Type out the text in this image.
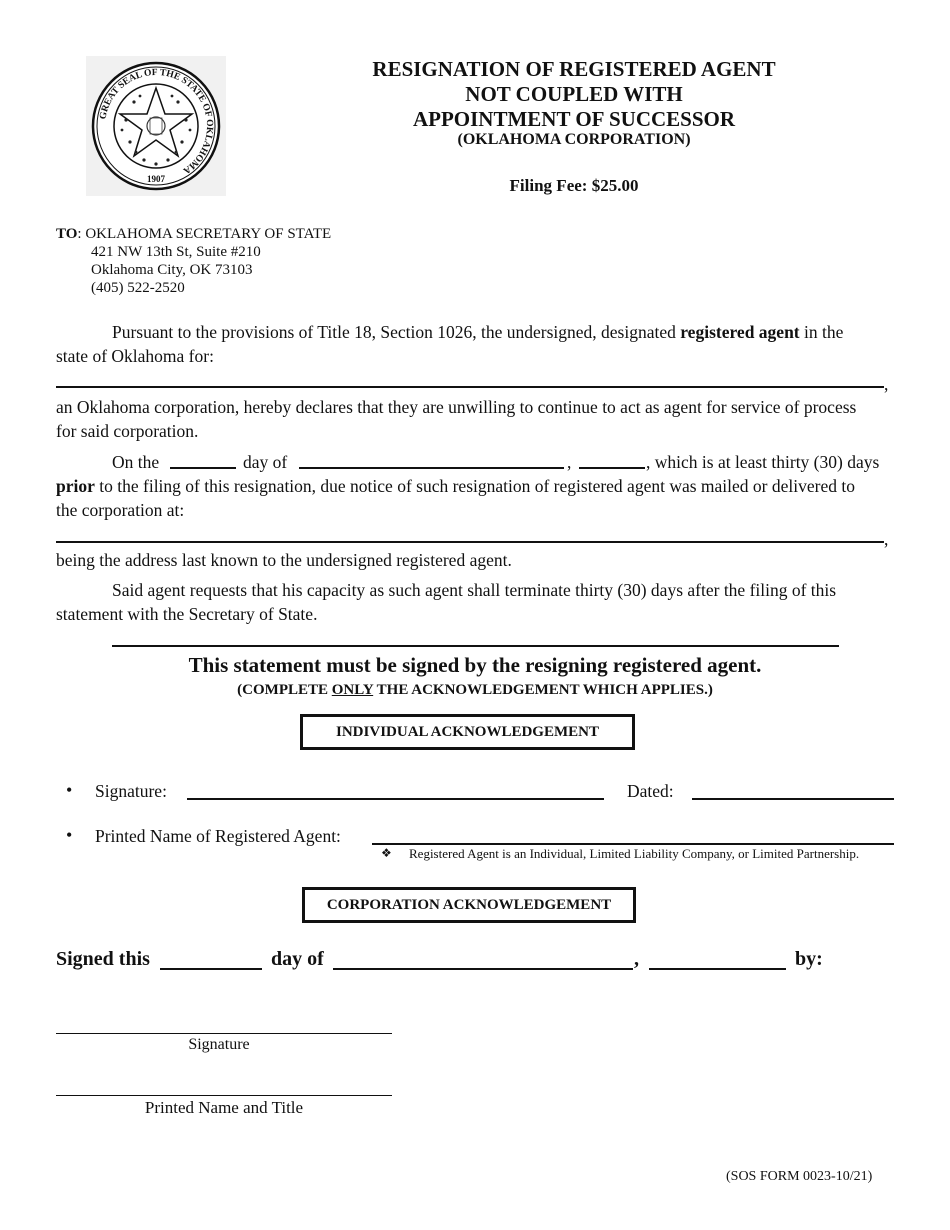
GREAT SEAL OF THE STATE OF OKLAHOMA
1907
RESIGNATION OF REGISTERED AGENT
NOT COUPLED WITH
APPOINTMENT OF SUCCESSOR
(OKLAHOMA CORPORATION)
Filing Fee: $25.00
TO: OKLAHOMA SECRETARY OF STATE
421 NW 13th St, Suite #210
Oklahoma City, OK 73103
(405) 522-2520
Pursuant to the provisions of Title 18, Section 1026, the undersigned, designated registered agent in the
state of Oklahoma for:
,
an Oklahoma corporation, hereby declares that they are unwilling to continue to act as agent for service of process
for said corporation.
On the	day of	,	, which is at least thirty (30) days
prior to the filing of this resignation, due notice of such resignation of registered agent was mailed or delivered to
the corporation at:
,
being the address last known to the undersigned registered agent.
Said agent requests that his capacity as such agent shall terminate thirty (30) days after the filing of this
statement with the Secretary of State.
This statement must be signed by the resigning registered agent.
(COMPLETE ONLY THE ACKNOWLEDGEMENT WHICH APPLIES.)
INDIVIDUAL ACKNOWLEDGEMENT
• Signature:	Dated:
• Printed Name of Registered Agent:
❖ Registered Agent is an Individual, Limited Liability Company, or Limited Partnership.
CORPORATION ACKNOWLEDGEMENT
Signed this	day of	,	by:
Signature
Printed Name and Title
(SOS FORM 0023-10/21)
